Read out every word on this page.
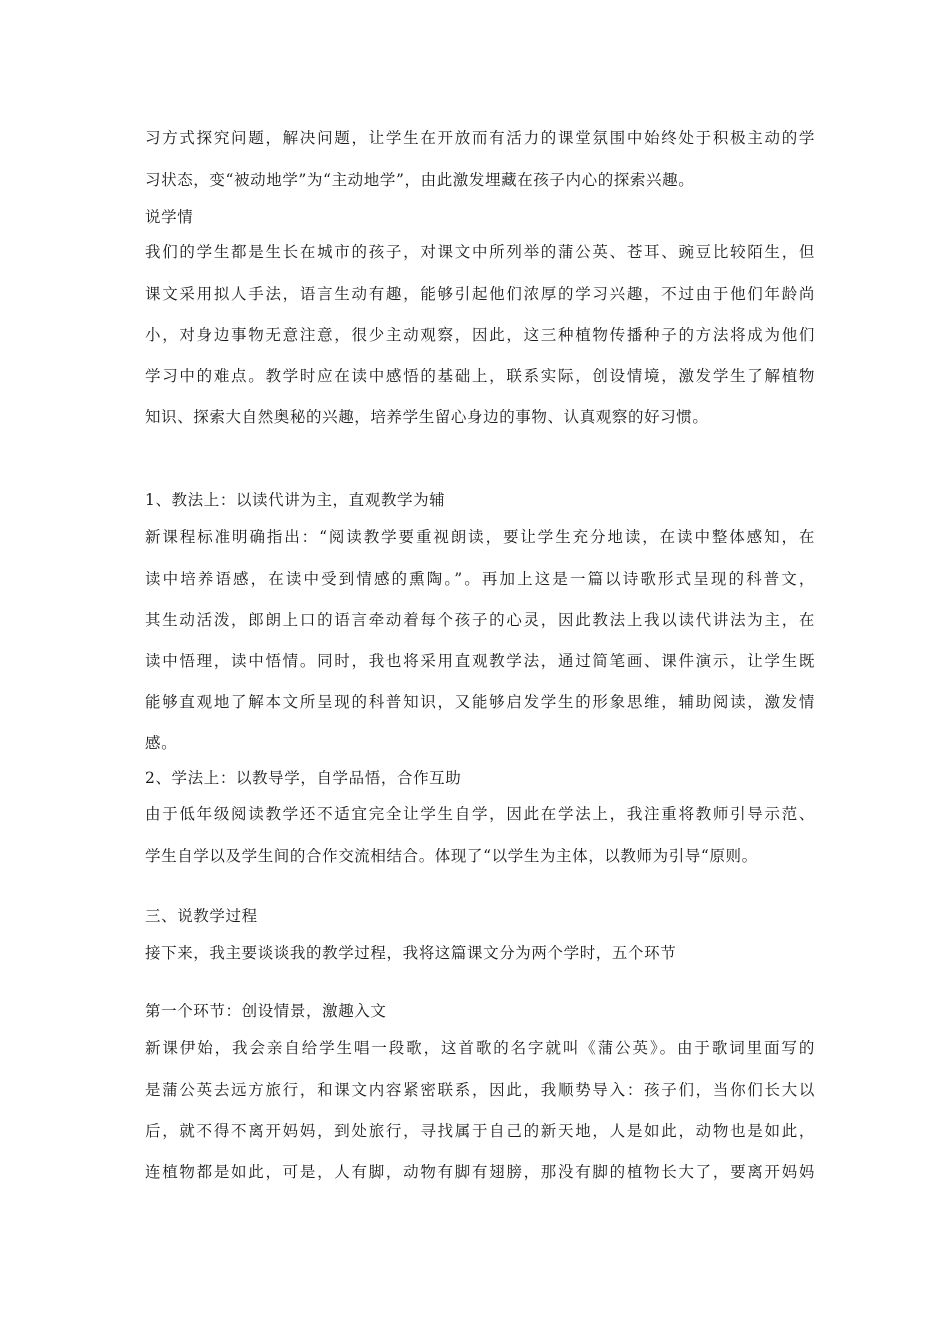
习方式探究问题，解决问题，让学生在开放而有活力的课堂氛围中始终处于积极主动的学
习状态，变“被动地学”为“主动地学”，由此激发埋藏在孩子内心的探索兴趣。
说学情
我们的学生都是生长在城市的孩子，对课文中所列举的蒲公英、苍耳、豌豆比较陌生，但
课文采用拟人手法，语言生动有趣，能够引起他们浓厚的学习兴趣，不过由于他们年龄尚
小，对身边事物无意注意，很少主动观察，因此，这三种植物传播种子的方法将成为他们
学习中的难点。教学时应在读中感悟的基础上，联系实际，创设情境，激发学生了解植物
知识、探索大自然奥秘的兴趣，培养学生留心身边的事物、认真观察的好习惯。
1、教法上：以读代讲为主，直观教学为辅
新课程标准明确指出：“阅读教学要重视朗读，要让学生充分地读，在读中整体感知，在
读中培养语感，在读中受到情感的熏陶。”。再加上这是一篇以诗歌形式呈现的科普文，
其生动活泼，郎朗上口的语言牵动着每个孩子的心灵，因此教法上我以读代讲法为主，在
读中悟理，读中悟情。同时，我也将采用直观教学法，通过简笔画、课件演示，让学生既
能够直观地了解本文所呈现的科普知识，又能够启发学生的形象思维，辅助阅读，激发情
感。
2、学法上：以教导学，自学品悟，合作互助
由于低年级阅读教学还不适宜完全让学生自学，因此在学法上，我注重将教师引导示范、
学生自学以及学生间的合作交流相结合。体现了“以学生为主体，以教师为引导“原则。
三、说教学过程
接下来，我主要谈谈我的教学过程，我将这篇课文分为两个学时，五个环节
第一个环节：创设情景，激趣入文
新课伊始，我会亲自给学生唱一段歌，这首歌的名字就叫《蒲公英》。由于歌词里面写的
是蒲公英去远方旅行，和课文内容紧密联系，因此，我顺势导入：孩子们，当你们长大以
后，就不得不离开妈妈，到处旅行，寻找属于自己的新天地，人是如此，动物也是如此，
连植物都是如此，可是，人有脚，动物有脚有翅膀，那没有脚的植物长大了，要离开妈妈
